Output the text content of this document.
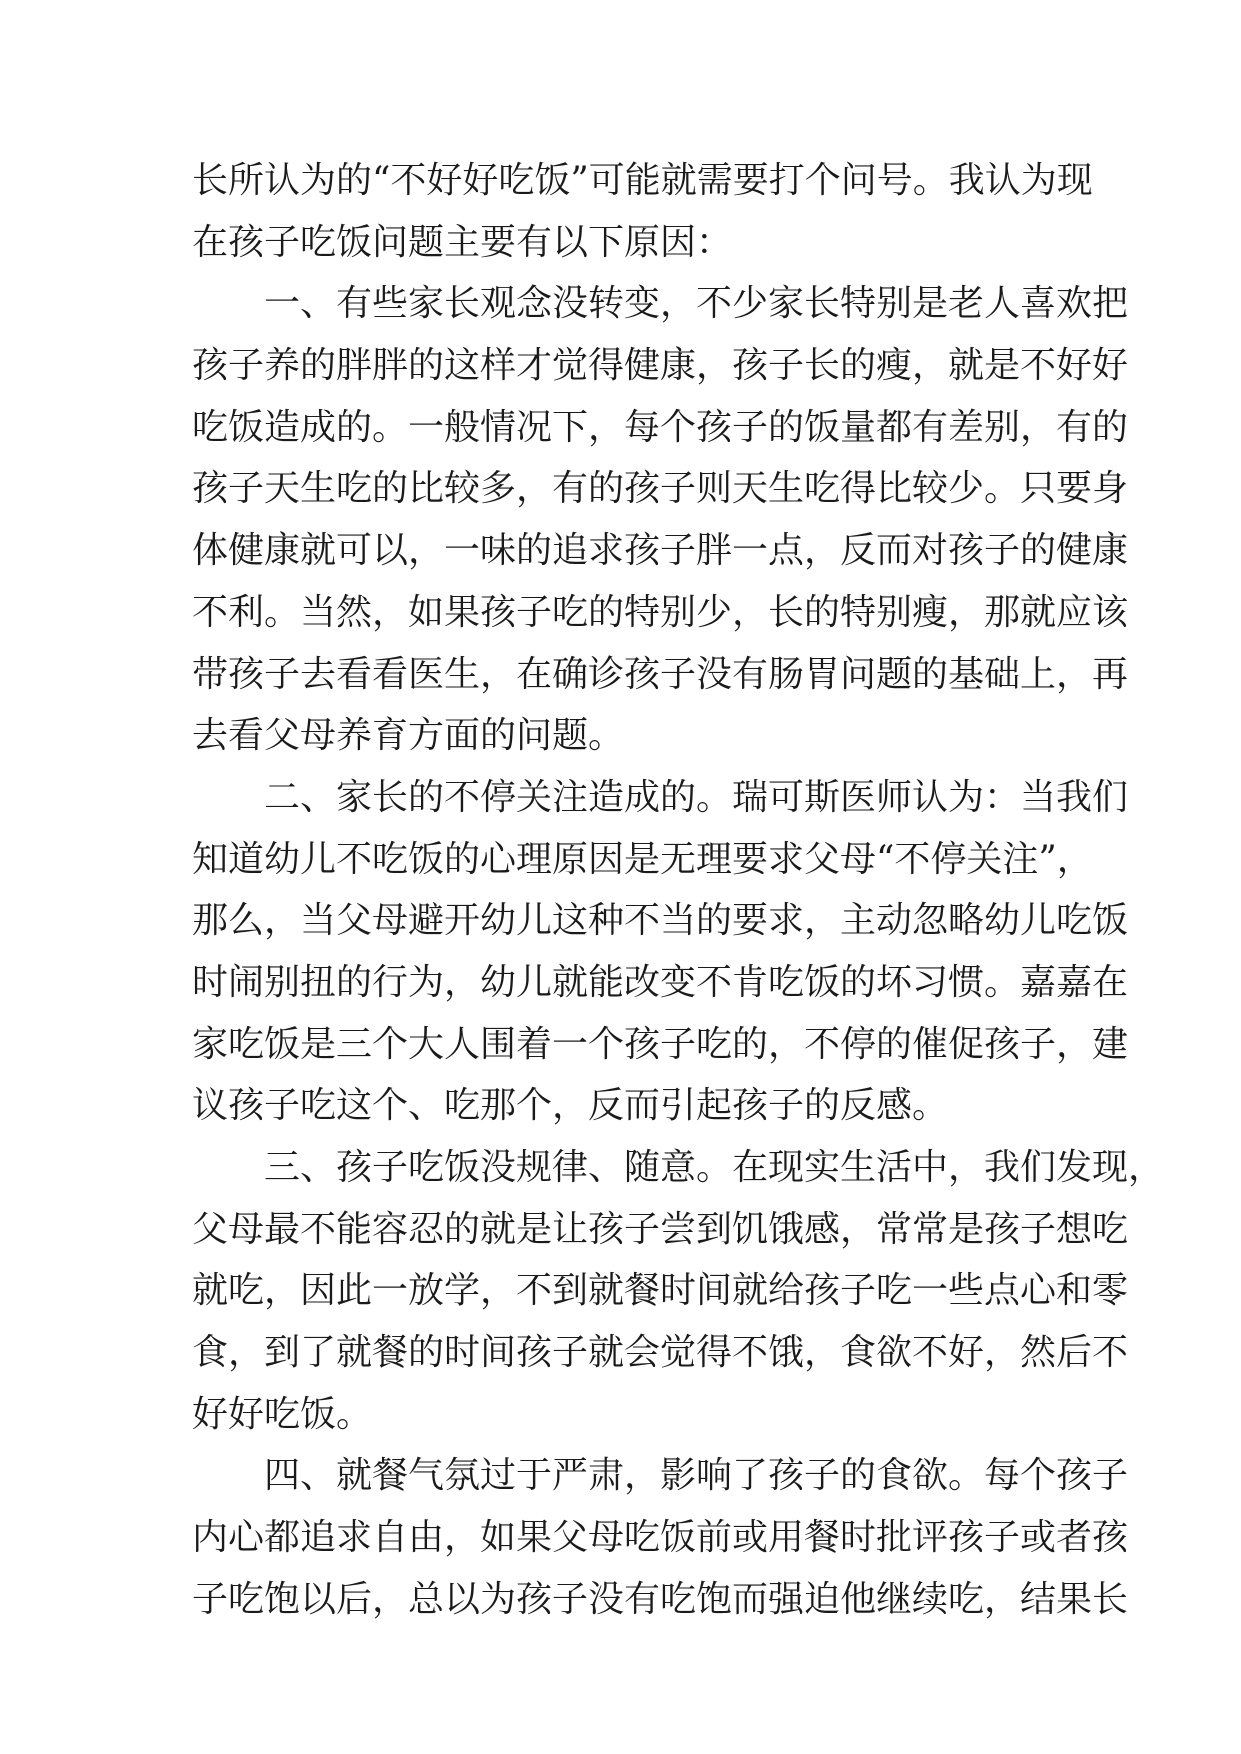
长所认为的“不好好吃饭”可能就需要打个问号。我认为现
在孩子吃饭问题主要有以下原因：
一、有些家长观念没转变，不少家长特别是老人喜欢把
孩子养的胖胖的这样才觉得健康，孩子长的瘦，就是不好好
吃饭造成的。一般情况下，每个孩子的饭量都有差别，有的
孩子天生吃的比较多，有的孩子则天生吃得比较少。只要身
体健康就可以，一味的追求孩子胖一点，反而对孩子的健康
不利。当然，如果孩子吃的特别少，长的特别瘦，那就应该
带孩子去看看医生，在确诊孩子没有肠胃问题的基础上，再
去看父母养育方面的问题。
二、家长的不停关注造成的。瑞可斯医师认为：当我们
知道幼儿不吃饭的心理原因是无理要求父母“不停关注”，
那么，当父母避开幼儿这种不当的要求，主动忽略幼儿吃饭
时闹别扭的行为，幼儿就能改变不肯吃饭的坏习惯。嘉嘉在
家吃饭是三个大人围着一个孩子吃的，不停的催促孩子，建
议孩子吃这个、吃那个，反而引起孩子的反感。
三、孩子吃饭没规律、随意。在现实生活中，我们发现，
父母最不能容忍的就是让孩子尝到饥饿感，常常是孩子想吃
就吃，因此一放学，不到就餐时间就给孩子吃一些点心和零
食，到了就餐的时间孩子就会觉得不饿，食欲不好，然后不
好好吃饭。
四、就餐气氛过于严肃，影响了孩子的食欲。每个孩子
内心都追求自由，如果父母吃饭前或用餐时批评孩子或者孩
子吃饱以后，总以为孩子没有吃饱而强迫他继续吃，结果长
